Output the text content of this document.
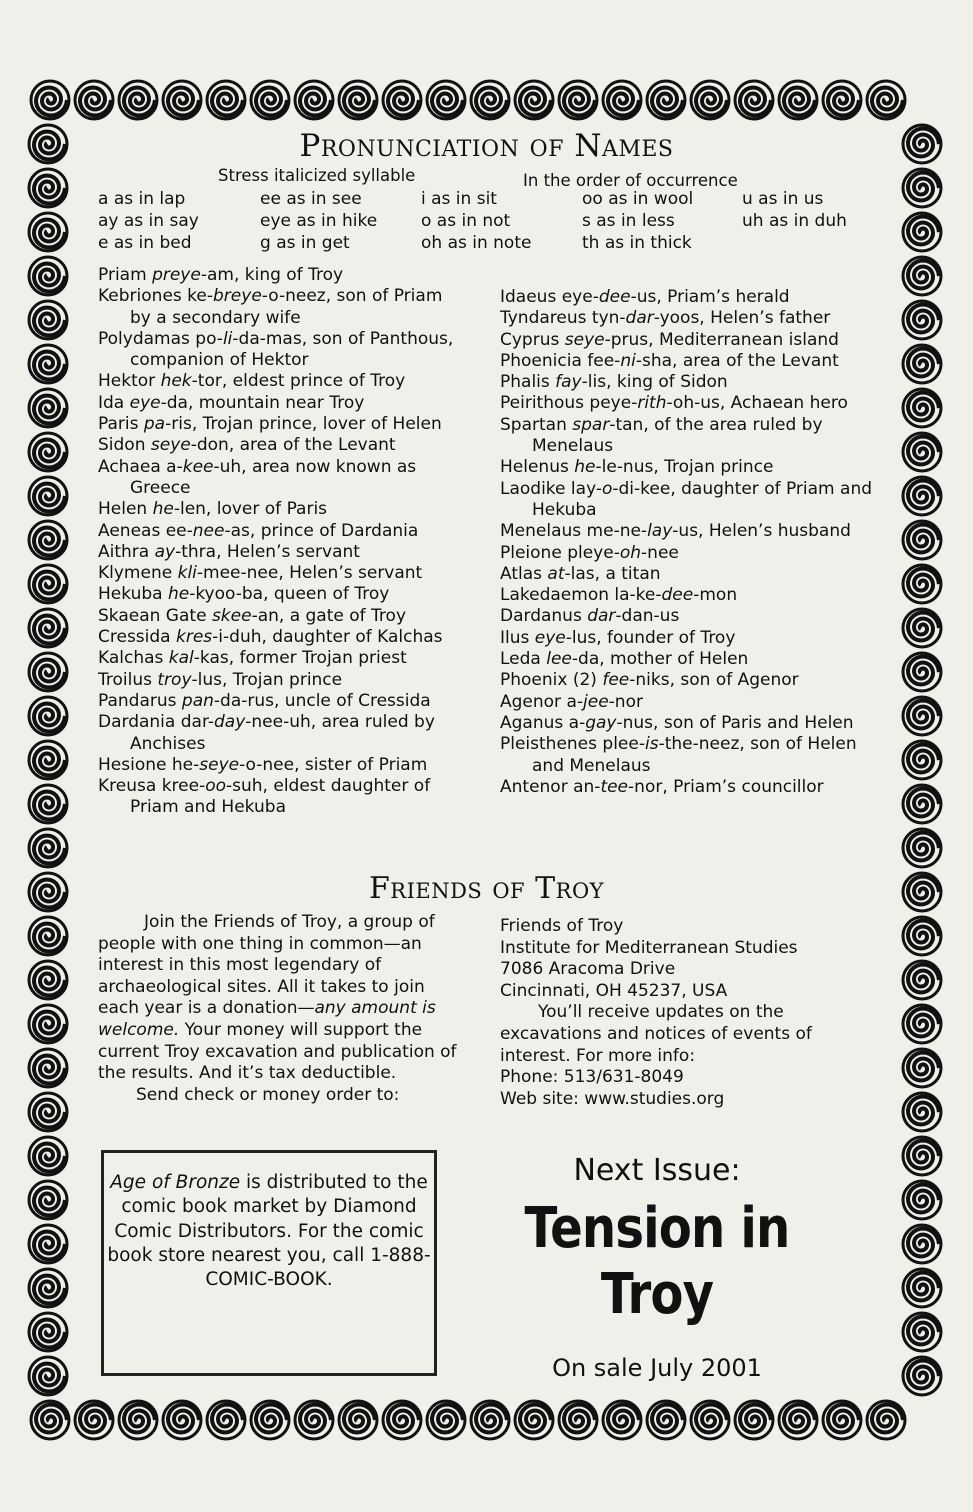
Pronunciation of Names
Stress italicized syllable	In the order of occurrence
a as in lap	ee as in see	i as in sit	oo as in wool	u as in us
ay as in say	eye as in hike	o as in not	s as in less	uh as in duh
e as in bed	g as in get	oh as in note	th as in thick

Priam preye-am, king of Troy

Kebriones ke-breye-o-neez, son of Priam by a secondary wife

Polydamas po-li-da-mas, son of Panthous, companion of Hektor

Hektor hek-tor, eldest prince of Troy

Ida eye-da, mountain near Troy

Paris pa-ris, Trojan prince, lover of Helen

Sidon seye-don, area of the Levant

Achaea a-kee-uh, area now known as Greece

Helen he-len, lover of Paris

Aeneas ee-nee-as, prince of Dardania

Aithra ay-thra, Helen’s servant

Klymene kli-mee-nee, Helen’s servant

Hekuba he-kyoo-ba, queen of Troy

Skaean Gate skee-an, a gate of Troy

Cressida kres-i-duh, daughter of Kalchas

Kalchas kal-kas, former Trojan priest

Troilus troy-lus, Trojan prince

Pandarus pan-da-rus, uncle of Cressida

Dardania dar-day-nee-uh, area ruled by Anchises

Hesione he-seye-o-nee, sister of Priam

Kreusa kree-oo-suh, eldest daughter of Priam and Hekuba

Idaeus eye-dee-us, Priam’s herald

Tyndareus tyn-dar-yoos, Helen’s father

Cyprus seye-prus, Mediterranean island

Phoenicia fee-ni-sha, area of the Levant

Phalis fay-lis, king of Sidon

Peirithous peye-rith-oh-us, Achaean hero

Spartan spar-tan, of the area ruled by Menelaus

Helenus he-le-nus, Trojan prince

Laodike lay-o-di-kee, daughter of Priam and Hekuba

Menelaus me-ne-lay-us, Helen’s husband

Pleione pleye-oh-nee

Atlas at-las, a titan

Lakedaemon la-ke-dee-mon

Dardanus dar-dan-us

Ilus eye-lus, founder of Troy

Leda lee-da, mother of Helen

Phoenix (2) fee-niks, son of Agenor

Agenor a-jee-nor

Aganus a-gay-nus, son of Paris and Helen

Pleisthenes plee-is-the-neez, son of Helen and Menelaus

Antenor an-tee-nor, Priam’s councillor

Friends of Troy

Join the Friends of Troy, a group of people with one thing in common—an interest in this most legendary of archaeological sites. All it takes to join each year is a donation—any amount is welcome. Your money will support the current Troy excavation and publication of the results. And it’s tax deductible.

Send check or money order to:

Friends of Troy

Institute for Mediterranean Studies

7086 Aracoma Drive

Cincinnati, OH 45237, USA

You’ll receive updates on the excavations and notices of events of interest. For more info:

Phone: 513/631-8049

Web site: www.studies.org

Age of Bronze is distributed to the comic book market by Diamond Comic Distributors. For the comic book store nearest you, call 1-888-COMIC-BOOK.
Next Issue:
Tension in
Troy
On sale July 2001
